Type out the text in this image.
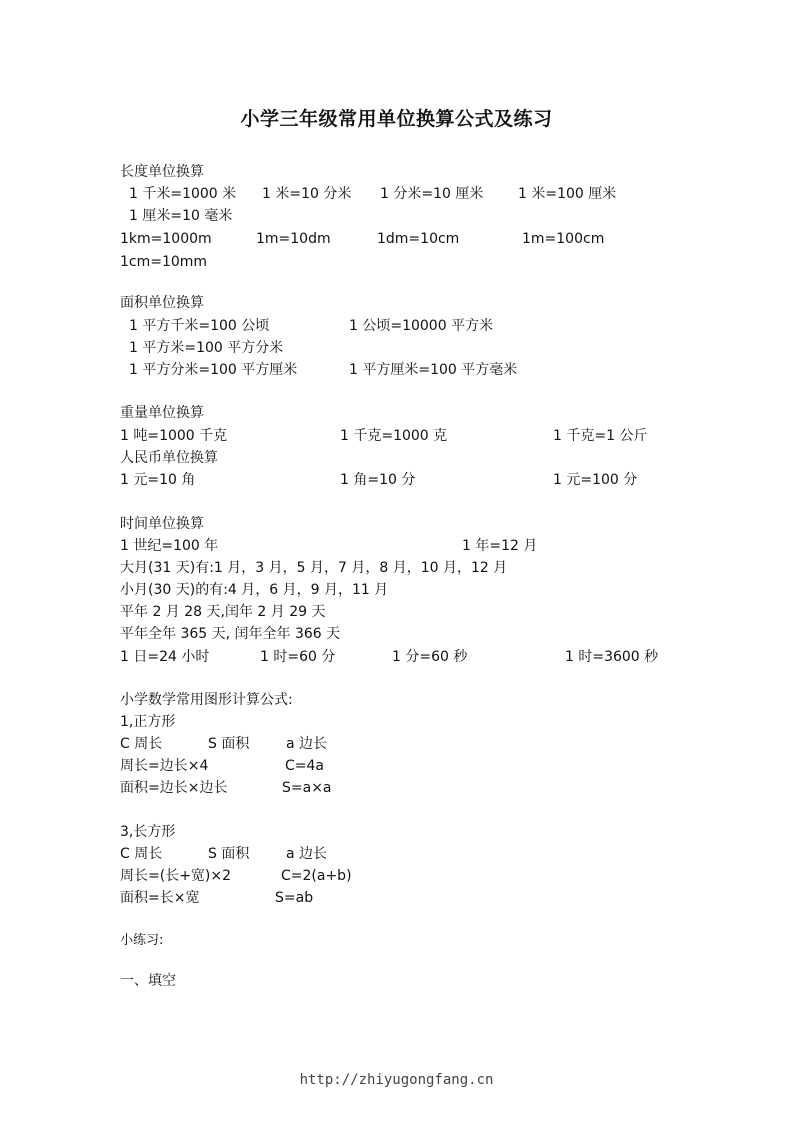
小学三年级常用单位换算公式及练习
长度单位换算
1 千米=1000 米 1 米=10 分米 1 分米=10 厘米 1 米=100 厘米
1 厘米=10 毫米
1km=1000m	1m=10dm	1dm=10cm	1m=100cm
1cm=10mm
面积单位换算
1 平方千米=100 公顷	1 公顷=10000 平方米
1 平方米=100 平方分米
1 平方分米=100 平方厘米	1 平方厘米=100 平方毫米
重量单位换算
1 吨=1000 千克	1 千克=1000 克	1 千克=1 公斤
人民币单位换算
1 元=10 角	1 角=10 分	1 元=100 分
时间单位换算
1 世纪=100 年	1 年=12 月
大月(31 天)有:1 月，3 月，5 月，7 月，8 月，10 月，12 月
小月(30 天)的有:4 月，6 月，9 月，11 月
平年 2 月 28 天,闰年 2 月 29 天
平年全年 365 天, 闰年全年 366 天
1 日=24 小时	1 时=60 分	1 分=60 秒	1 时=3600 秒
小学数学常用图形计算公式:
1,正方形
C 周长	S 面积	a 边长
周长=边长×4	C=4a
面积=边长×边长	S=a×a
3,长方形
C 周长	S 面积	a 边长
周长=(长+宽)×2	C=2(a+b)
面积=长×宽	S=ab
小练习:
一、填空
http://zhiyugongfang.cn
